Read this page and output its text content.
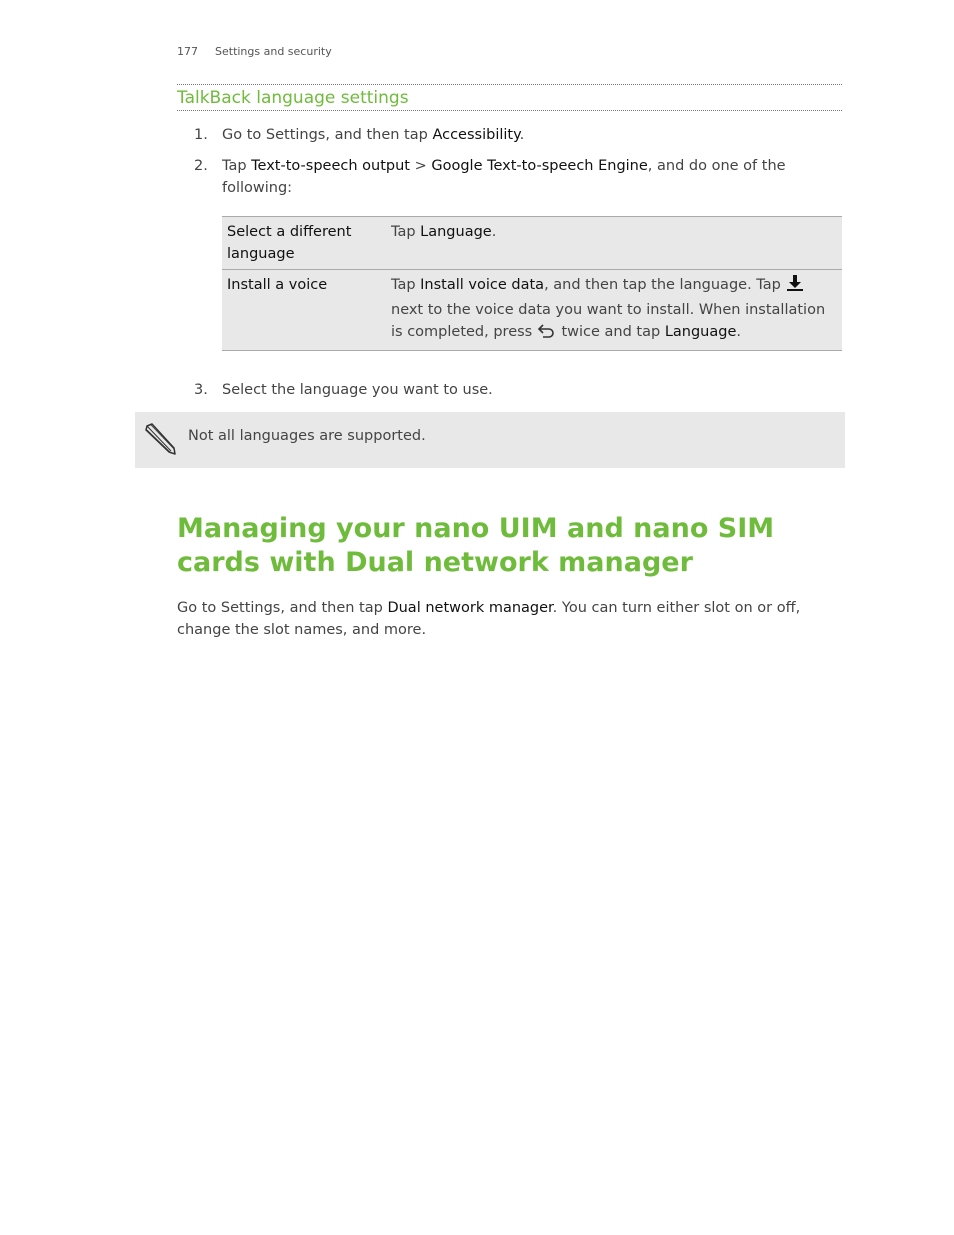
177 Settings and security
TalkBack language settings
1. Go to Settings, and then tap Accessibility.
2. Tap Text-to-speech output > Google Text-to-speech Engine, and do one of the following:
Select a different language	Tap Language.
Install a voice	Tap Install voice data, and then tap the language. Tap  next to the voice data you want to install. When installation is completed, press  twice and tap Language.
3. Select the language you want to use.
Not all languages are supported.
Managing your nano UIM and nano SIM cards with Dual network manager
Go to Settings, and then tap Dual network manager. You can turn either slot on or off, change the slot names, and more.
